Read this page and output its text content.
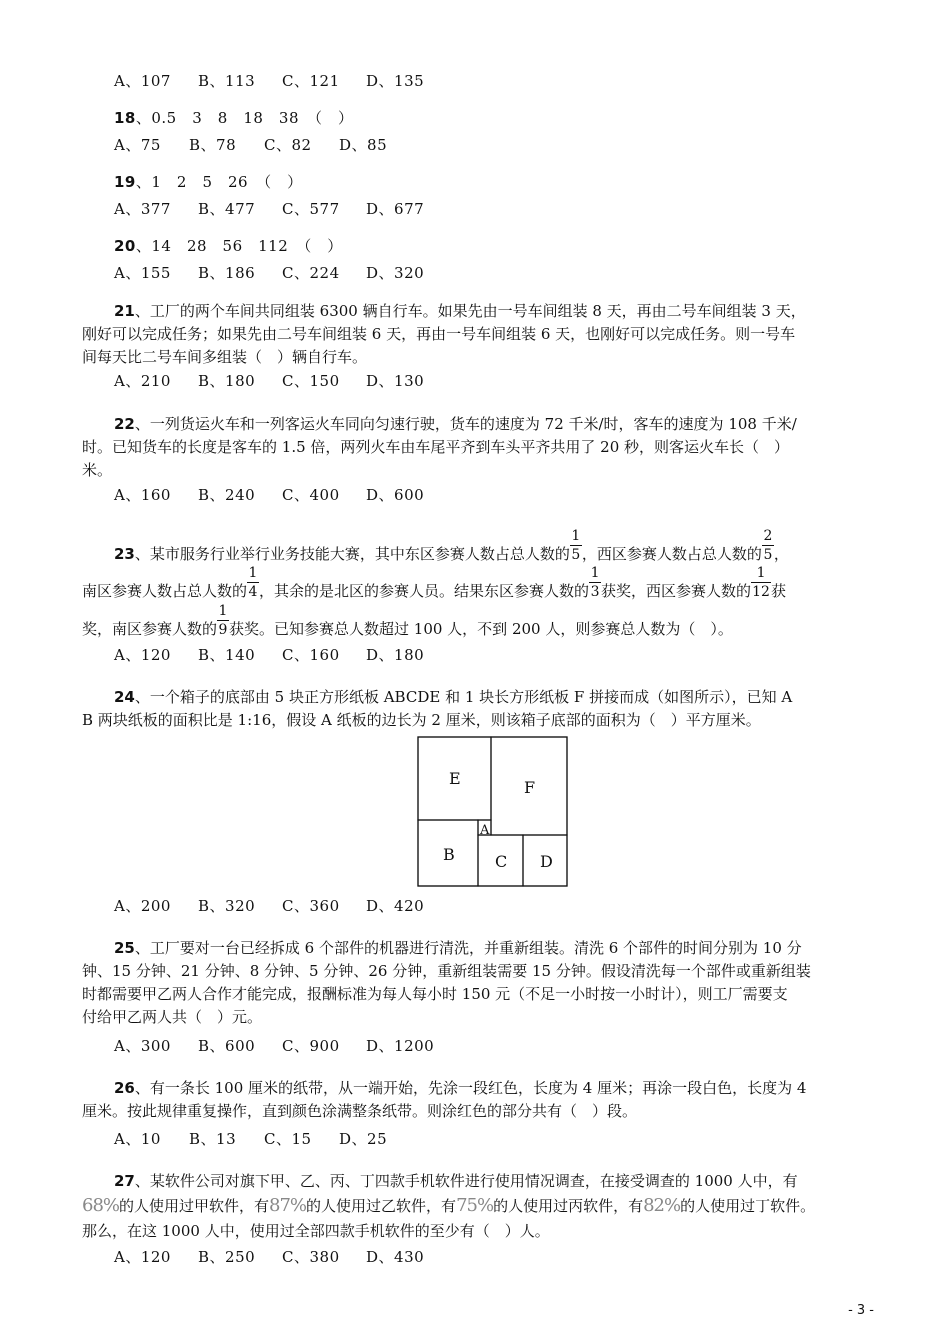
A、107 B、113 C、121 D、135
18、0.5　3　8　18　38　（　）
A、75 B、78 C、82 D、85
19、1　2　5　26　（　）
A、377 B、477 C、577 D、677
20、14　28　56　112　（　）
A、155 B、186 C、224 D、320
21、工厂的两个车间共同组装 6300 辆自行车。如果先由一号车间组装 8 天，再由二号车间组装 3 天，
刚好可以完成任务；如果先由二号车间组装 6 天，再由一号车间组装 6 天，也刚好可以完成任务。则一号车
间每天比二号车间多组装（　）辆自行车。
A、210 B、180 C、150 D、130
22、一列货运火车和一列客运火车同向匀速行驶，货车的速度为 72 千米/时，客车的速度为 108 千米/
时。已知货车的长度是客车的 1.5 倍，两列火车由车尾平齐到车头平齐共用了 20 秒，则客运火车长（　）
米。
A、160 B、240 C、400 D、600
23、某市服务行业举行业务技能大赛，其中东区参赛人数占总人数的 $\frac{1}{5}$ ，西区参赛人数占总人数的 $\frac{2}{5}$ ，
南区参赛人数占总人数的 $\frac{1}{4}$ ，其余的是北区的参赛人员。结果东区参赛人数的 $\frac{1}{3}$ 获奖，西区参赛人数的 $\frac{1}{12}$ 获
奖，南区参赛人数的 $\frac{1}{9}$ 获奖。已知参赛总人数超过 100 人，不到 200 人，则参赛总人数为（　）。
A、120 B、140 C、160 D、180
24、一个箱子的底部由 5 块正方形纸板 ABCDE 和 1 块长方形纸板 F 拼接而成（如图所示），已知 A
B 两块纸板的面积比是 1:16，假设 A 纸板的边长为 2 厘米，则该箱子底部的面积为（　）平方厘米。
E	F
A
B	C D
A、200 B、320 C、360 D、420
25、工厂要对一台已经拆成 6 个部件的机器进行清洗，并重新组装。清洗 6 个部件的时间分别为 10 分
钟、15 分钟、21 分钟、8 分钟、5 分钟、26 分钟，重新组装需要 15 分钟。假设清洗每一个部件或重新组装
时都需要甲乙两人合作才能完成，报酬标准为每人每小时 150 元（不足一小时按一小时计），则工厂需要支
付给甲乙两人共（　）元。
A、300 B、600 C、900 D、1200
26、有一条长 100 厘米的纸带，从一端开始，先涂一段红色，长度为 4 厘米；再涂一段白色，长度为 4
厘米。按此规律重复操作，直到颜色涂满整条纸带。则涂红色的部分共有（　）段。
A、10 B、13 C、15 D、25
27、某软件公司对旗下甲、乙、丙、丁四款手机软件进行使用情况调查，在接受调查的 1000 人中，有
68%的人使用过甲软件，有87%的人使用过乙软件，有75%的人使用过丙软件，有82%的人使用过丁软件。
那么，在这 1000 人中，使用过全部四款手机软件的至少有（　）人。
A、120 B、250 C、380 D、430
- 3 -
